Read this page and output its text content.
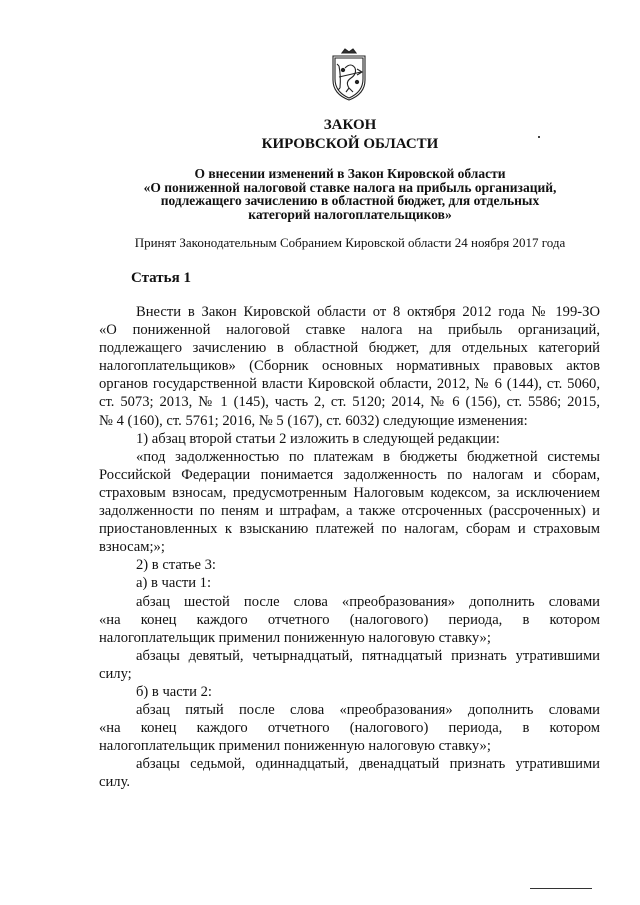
ЗАКОН
КИРОВСКОЙ ОБЛАСТИ
О внесении изменений в Закон Кировской области
«О пониженной налоговой ставке налога на прибыль организаций,
подлежащего зачислению в областной бюджет, для отдельных
категорий налогоплательщиков»
Принят Законодательным Собранием Кировской области 24 ноября 2017 года
Статья 1
Внести в Закон Кировской области от 8 октября 2012 года № 199-ЗО
«О пониженной налоговой ставке налога на прибыль организаций,
подлежащего зачислению в областной бюджет, для отдельных категорий
налогоплательщиков» (Сборник основных нормативных правовых актов
органов государственной власти Кировской области, 2012, № 6 (144), ст. 5060,
ст. 5073; 2013, № 1 (145), часть 2, ст. 5120; 2014, № 6 (156), ст. 5586; 2015,
№ 4 (160), ст. 5761; 2016, № 5 (167), ст. 6032) следующие изменения:
1) абзац второй статьи 2 изложить в следующей редакции:
«под задолженностью по платежам в бюджеты бюджетной системы
Российской Федерации понимается задолженность по налогам и сборам,
страховым взносам, предусмотренным Налоговым кодексом, за исключением
задолженности по пеням и штрафам, а также отсроченных (рассроченных) и
приостановленных к взысканию платежей по налогам, сборам и страховым
взносам;»;
2) в статье 3:
а) в части 1:
абзац шестой после слова «преобразования» дополнить словами
«на конец каждого отчетного (налогового) периода, в котором
налогоплательщик применил пониженную налоговую ставку»;
абзацы девятый, четырнадцатый, пятнадцатый признать утратившими
силу;
б) в части 2:
абзац пятый после слова «преобразования» дополнить словами
«на конец каждого отчетного (налогового) периода, в котором
налогоплательщик применил пониженную налоговую ставку»;
абзацы седьмой, одиннадцатый, двенадцатый признать утратившими
силу.
